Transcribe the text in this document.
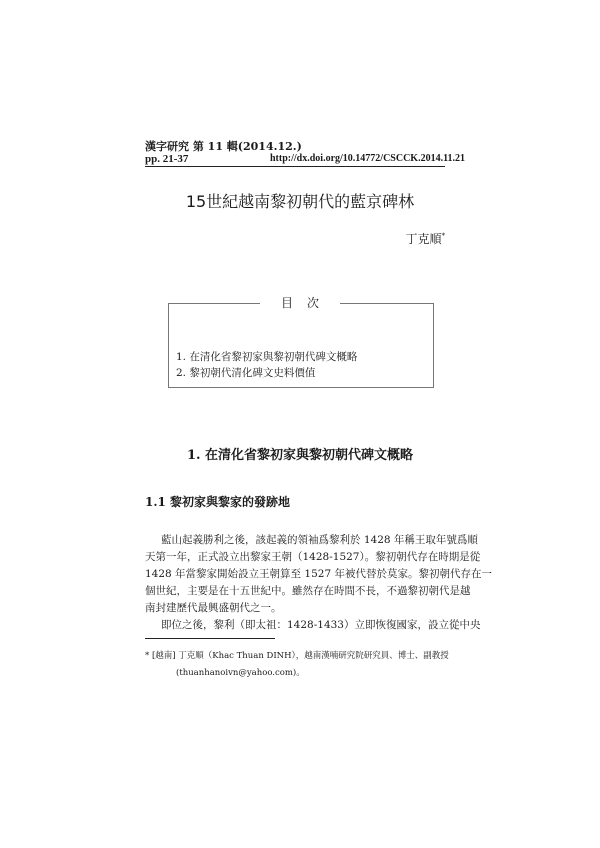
漢字研究 第 11 輯(2014.12.)
pp. 21-37	http://dx.doi.org/10.14772/CSCCK.2014.11.21
15世紀越南黎初朝代的藍京碑林
丁克順*
目次
1. 在清化省黎初家與黎初朝代碑文概略
2. 黎初朝代清化碑文史料價值
1. 在清化省黎初家與黎初朝代碑文概略
1.1 黎初家與黎家的發跡地
藍山起義勝利之後，該起義的領袖爲黎利於 1428 年稱王取年號爲順
天第一年，正式設立出黎家王朝（1428-1527）。黎初朝代存在時期是從
1428 年當黎家開始設立王朝算至 1527 年被代替於莫家。黎初朝代存在一
個世紀，主要是在十五世紀中。雖然存在時間不長，不過黎初朝代是越
南封建歷代最興盛朝代之一。
即位之後，黎利（即太祖：1428-1433）立即恢復國家，設立從中央
* [越南] 丁克順（Khac Thuan DINH），越南漢喃研究院研究員、博士、副教授
(thuanhanoivn@yahoo.com)。
